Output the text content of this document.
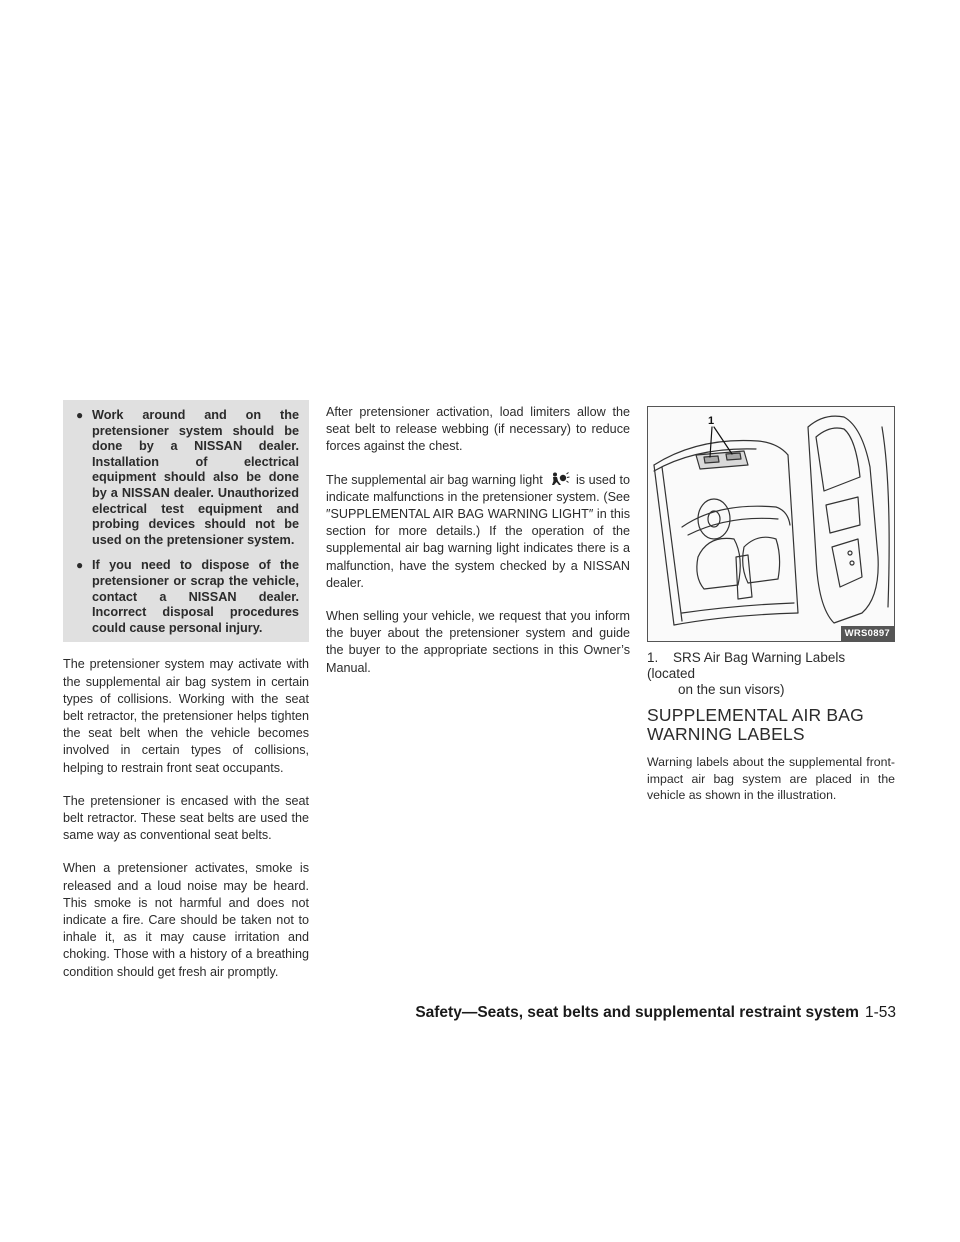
● Work around and on the pretensioner system should be done by a NISSAN dealer. Installation of electrical equipment should also be done by a NISSAN dealer. Unauthorized electrical test equipment and probing devices should not be used on the pretensioner system.
● If you need to dispose of the pretensioner or scrap the vehicle, contact a NISSAN dealer. Incorrect disposal procedures could cause personal injury.

The pretensioner system may activate with the supplemental air bag system in certain types of collisions. Working with the seat belt retractor, the pretensioner helps tighten the seat belt when the vehicle becomes involved in certain types of collisions, helping to restrain front seat occupants.

The pretensioner is encased with the seat belt retractor. These seat belts are used the same way as conventional seat belts.

When a pretensioner activates, smoke is released and a loud noise may be heard. This smoke is not harmful and does not indicate a fire. Care should be taken not to inhale it, as it may cause irritation and choking. Those with a history of a breathing condition should get fresh air promptly.

After pretensioner activation, load limiters allow the seat belt to release webbing (if necessary) to reduce forces against the chest.

The supplemental air bag warning light	is used to indicate malfunctions in the pretensioner system. (See ″SUPPLEMENTAL AIR BAG WARNING LIGHT″ in this section for more details.) If the operation of the supplemental air bag warning light indicates there is a malfunction, have the system checked by a NISSAN dealer.

When selling your vehicle, we request that you inform the buyer about the pretensioner system and guide the buyer to the appropriate sections in this Owner’s Manual.

1
WRS0897
1. SRS Air Bag Warning Labels (located
on the sun visors)
SUPPLEMENTAL AIR BAG
WARNING LABELS

Warning labels about the supplemental front-impact air bag system are placed in the vehicle as shown in the illustration.

Safety—Seats, seat belts and supplemental restraint system 1-53
